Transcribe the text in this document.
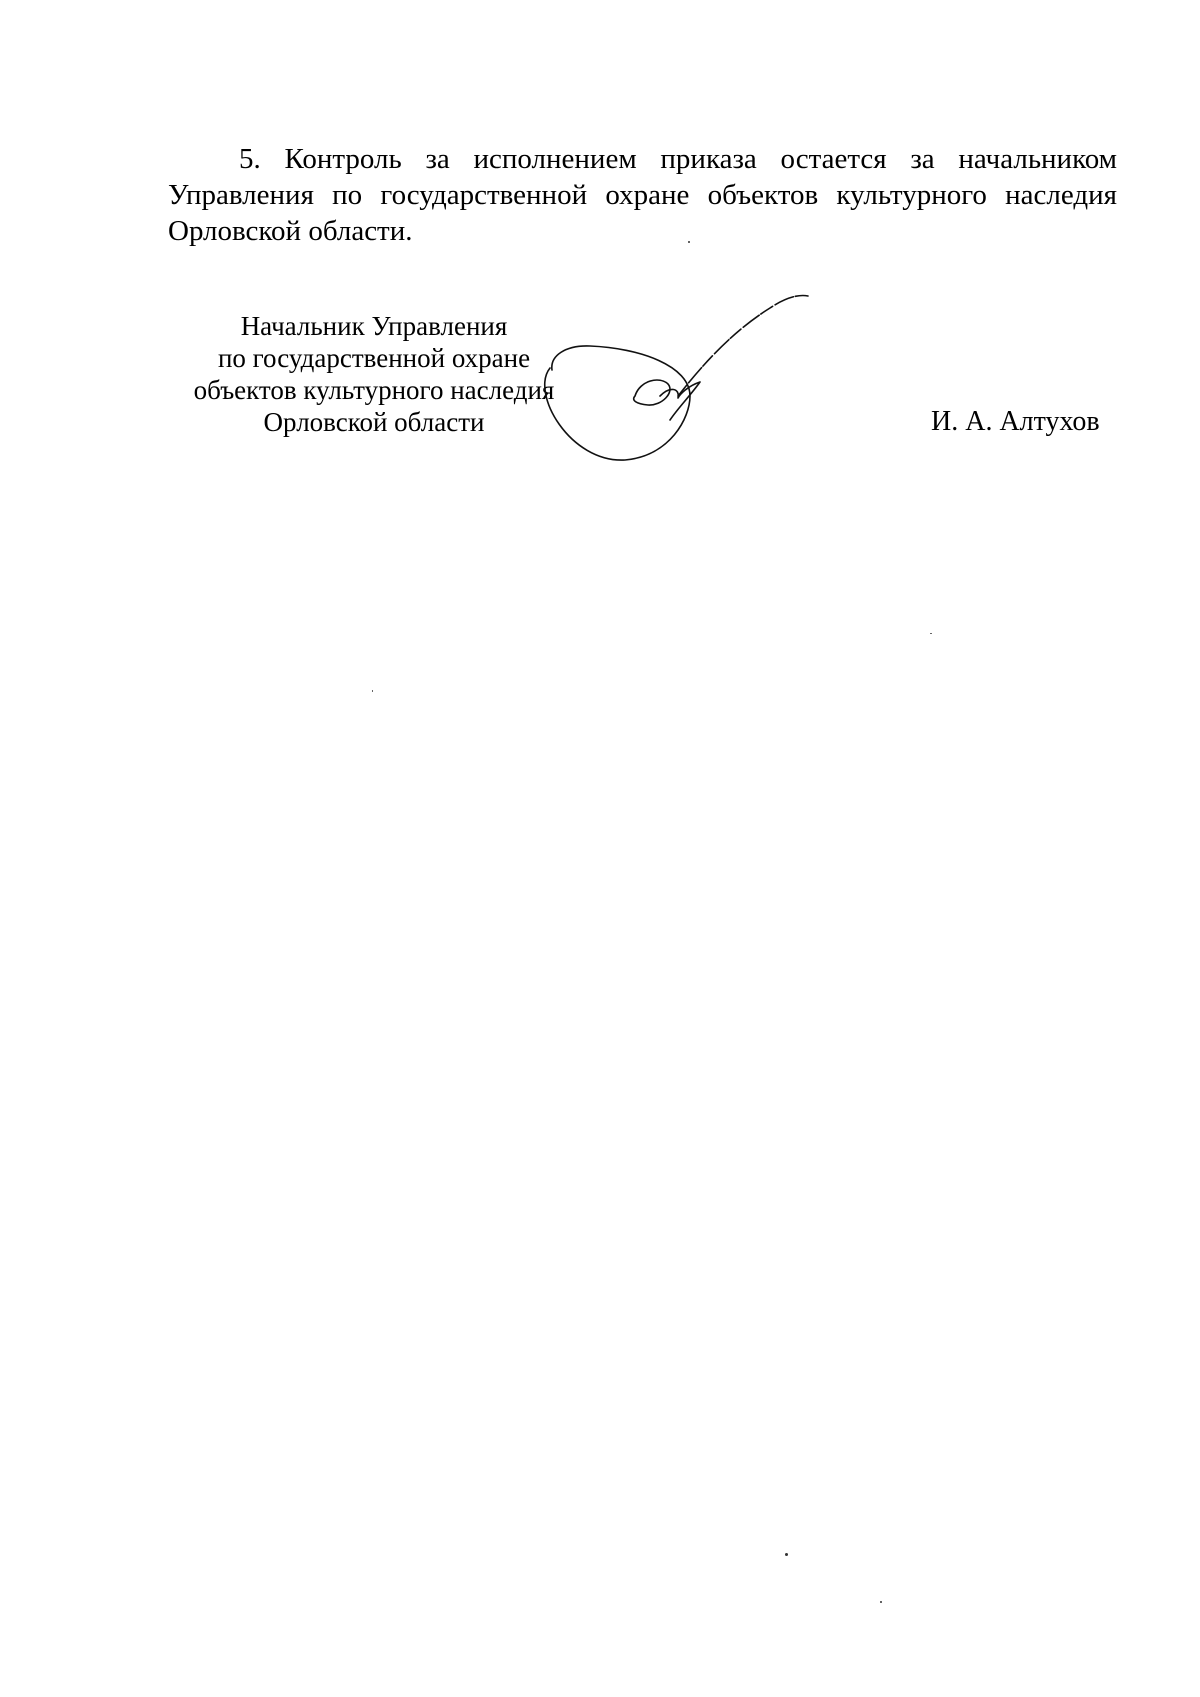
5. Контроль за исполнением приказа остается за начальником Управления по государственной охране объектов культурного наследия Орловской области.

Начальник Управления
по государственной охране
объектов культурного наследия
Орловской области	И. А. Алтухов
